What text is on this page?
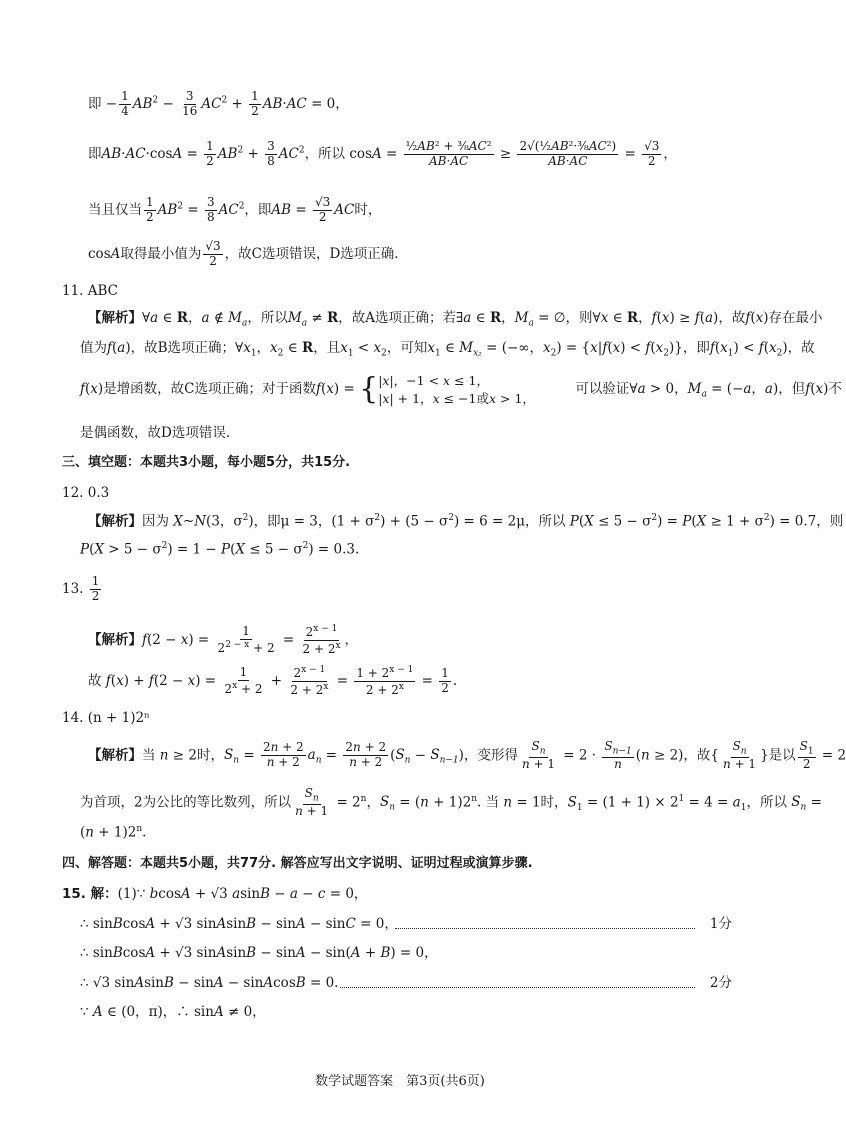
即 − $\frac{1}{4} AB^2 - \frac{3}{16} AC^2 + \frac{1}{2} AB\cdot AC = 0$，
即$AB\cdot AC\cdot\cos A = \frac{1}{2} AB^2 + \frac{3}{8} AC^2$，所以 $\cos A = \frac{\text{½AB² + ⅜AC²}}{AB\cdot AC} \ge \frac{\text{2√(½AB²·⅜AC²)}}{AB\cdot AC} = \frac{√3}{2}$ ，
当且仅当 $\frac{1}{2} AB^2 = \frac{3}{8} AC^2$，即AB = $\frac{√3}{2}$ AC时，
cosA取得最小值为 $\frac{√3}{2}$ ，故C选项错误，D选项正确.
11. ABC
【解析】∀a ∈ R，a ∉ $M_a$，所以$M_a \ne R$，故A选项正确；若∃a ∈ R，$M_a$ = ∅，则∀x ∈ R，f(x) ≥ f(a)，故f(x)存在最小
值为f(a)，故B选项正确；$\forall x_1$，$x_2$ ∈ R，且$x_1 < x_2$，可知$x_1$ ∈ $M_{x_2}$ = (−∞，$x_2) = \{x|f(x) < f(x_2)\}$，即$f(x_1) < f(x_2)$，故
f(x)是增函数，故C选项正确；对于函数f(x) = { |x|，−1 < x ≤ 1，
|x| + 1，x ≤ −1或x > 1，
　　　可以验证∀a > 0，$M_a = (-a$，a)，但f(x)不
是偶函数，故D选项错误.
三、填空题：本题共3小题，每小题5分，共15分.
12. 0.3
【解析】因为 X~N(3，$\sigma^2$)，即μ = 3，$(1 + \sigma^2) + (5 - \sigma^2) = 6 = 2\mu$，所以 $P(X \le 5 - \sigma^2) = P(X \ge 1 + \sigma^2) = 0.7$，则
$P(X > 5 - \sigma^2) = 1 - P(X \le 5 - \sigma^2) = 0.3$.
13. $\frac{1}{2}$
【解析】$f(2 - x) = \frac{1}{2^{2 - x} + 2} = \frac{2^{x - 1}}{2 + 2^x}$ ，
故 $f(x) + f(2 - x) = \frac{1}{2^x + 2} + \frac{2^{x - 1}}{2 + 2^x} = \frac{1 + 2^{x - 1}}{2 + 2^x} = \frac{1}{2}$ .
14. (n + 1)2ⁿ
【解析】当 n ≥ 2时，$S_n = \frac{2n + 2}{n + 2} a_n = \frac{2n + 2}{n + 2} (S_n - S_{n-1})$，变形得 $\frac{S_n}{n + 1} = 2 \cdot \frac{S_{n-1}}{n} (n \ge 2)$，故{ $\frac{S_n}{n + 1}$ }是以 $\frac{S_1}{2} = 2$
为首项，2为公比的等比数列，所以 $\frac{S_n}{n + 1} = 2^n$，$S_n = (n + 1)2^n$. 当 n = 1时，$S_1 = (1 + 1) \times 2^1 = 4 = a_1$，所以 $S_n$ =
$(n + 1)2^n$.
四、解答题：本题共5小题，共77分. 解答应写出文字说明、证明过程或演算步骤.
15. 解：(1)∵ bcosA + √3 asinB − a − c = 0，
∴ sinBcosA + √3 sinAsinB − sinA − sinC = 0，	1分
∴ sinBcosA + √3 sinAsinB − sinA − sin(A + B) = 0，
∴ √3 sinAsinB − sinA − sinAcosB = 0.	2分
∵ A ∈ (0，π)，∴ sinA ≠ 0，
数学试题答案　第3页(共6页)
